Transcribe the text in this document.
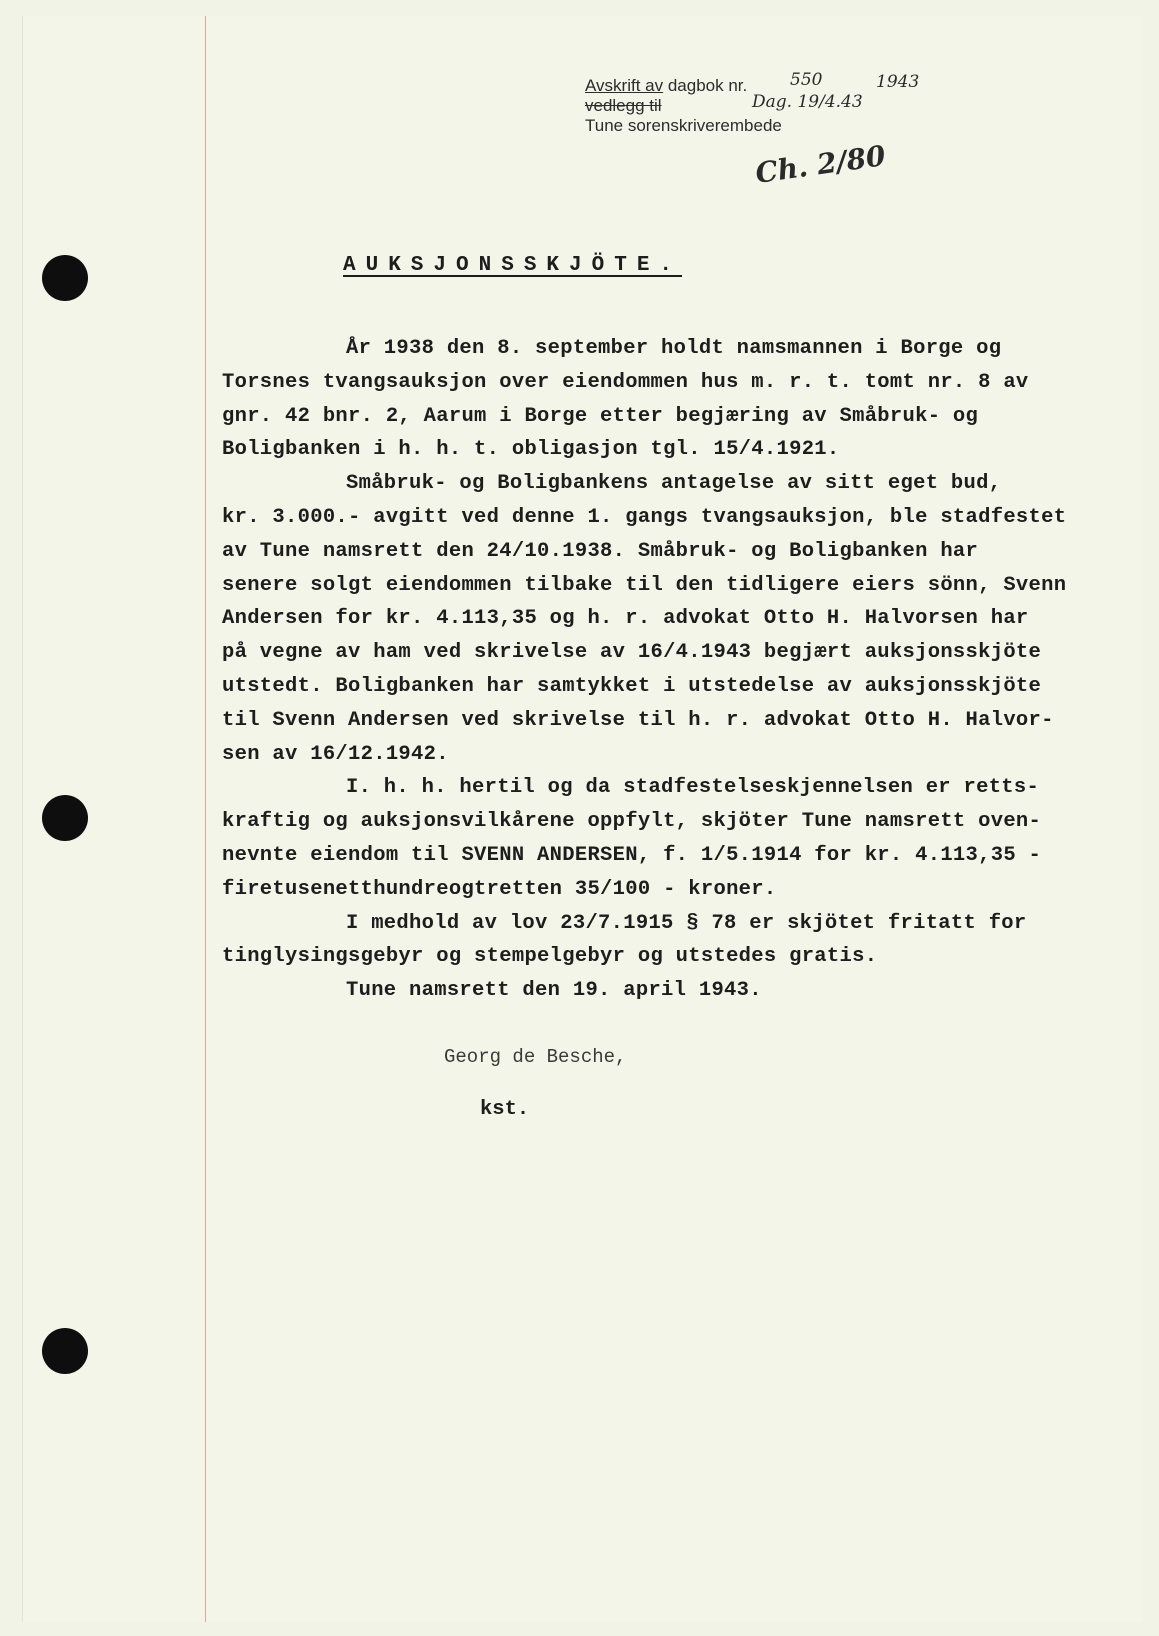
Avskrift av dagbok nr.
vedlegg til
Tune sorenskriverembede
550	1943
Dag. 19/4.43
Ch. 2/80
AUKSJONSSKJÖTE.
År 1938 den 8. september holdt namsmannen i Borge og
Torsnes tvangsauksjon over eiendommen hus m. r. t. tomt nr. 8 av
gnr. 42 bnr. 2, Aarum i Borge etter begjæring av Småbruk- og
Boligbanken i h. h. t. obligasjon tgl. 15/4.1921.
Småbruk- og Boligbankens antagelse av sitt eget bud,
kr. 3.000.- avgitt ved denne 1. gangs tvangsauksjon, ble stadfestet
av Tune namsrett den 24/10.1938. Småbruk- og Boligbanken har
senere solgt eiendommen tilbake til den tidligere eiers sönn, Svenn
Andersen for kr. 4.113,35 og h. r. advokat Otto H. Halvorsen har
på vegne av ham ved skrivelse av 16/4.1943 begjært auksjonsskjöte
utstedt. Boligbanken har samtykket i utstedelse av auksjonsskjöte
til Svenn Andersen ved skrivelse til h. r. advokat Otto H. Halvor-
sen av 16/12.1942.
I. h. h. hertil og da stadfestelseskjennelsen er retts-
kraftig og auksjonsvilkårene oppfylt, skjöter Tune namsrett oven-
nevnte eiendom til SVENN ANDERSEN, f. 1/5.1914 for kr. 4.113,35 -
firetusenetthundreogtretten 35/100 - kroner.
I medhold av lov 23/7.1915 § 78 er skjötet fritatt for
tinglysingsgebyr og stempelgebyr og utstedes gratis.
Tune namsrett den 19. april 1943.
Georg de Besche,
kst.
